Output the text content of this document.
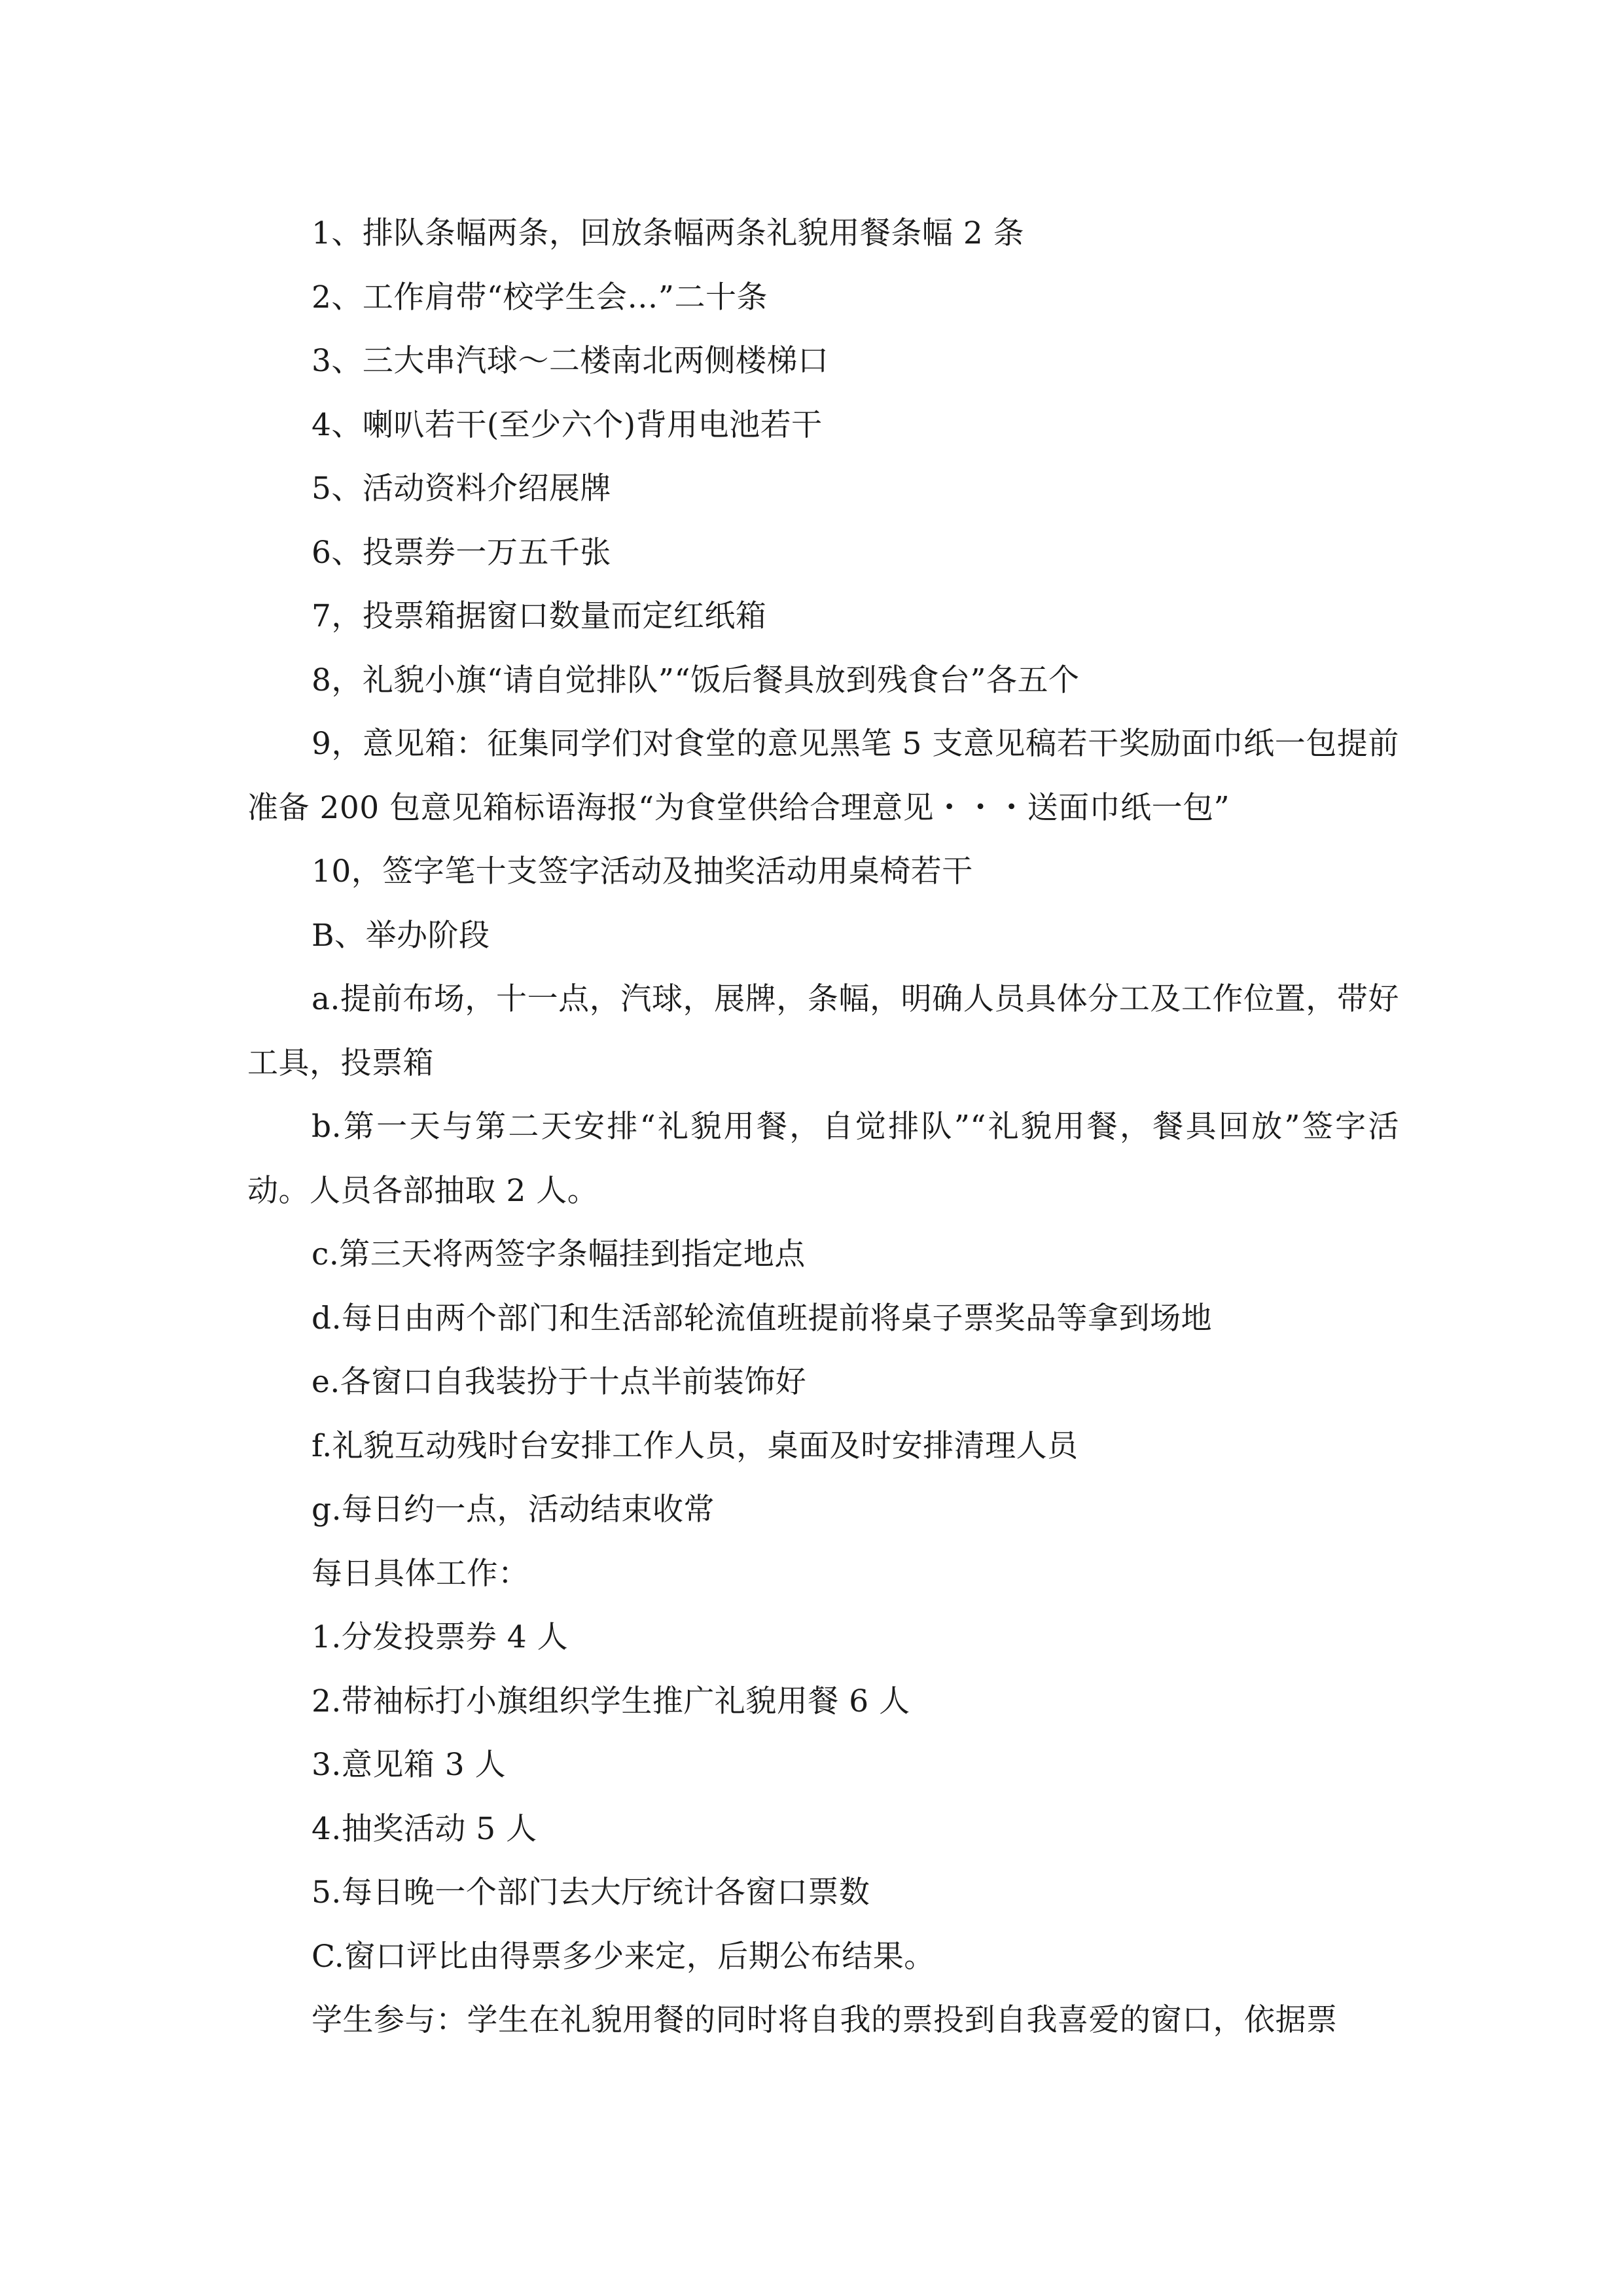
1、排队条幅两条，回放条幅两条礼貌用餐条幅 2 条

2、工作肩带“校学生会…”二十条

3、三大串汽球～二楼南北两侧楼梯口

4、喇叭若干(至少六个)背用电池若干

5、活动资料介绍展牌

6、投票券一万五千张

7，投票箱据窗口数量而定红纸箱

8，礼貌小旗“请自觉排队”“饭后餐具放到残食台”各五个

9，意见箱：征集同学们对食堂的意见黑笔 5 支意见稿若干奖励面巾纸一包提前准备 200 包意见箱标语海报“为食堂供给合理意见・・・送面巾纸一包”

10，签字笔十支签字活动及抽奖活动用桌椅若干

B、举办阶段

a.提前布场，十一点，汽球，展牌，条幅，明确人员具体分工及工作位置，带好工具，投票箱

b.第一天与第二天安排“礼貌用餐，自觉排队”“礼貌用餐，餐具回放”签字活动。人员各部抽取 2 人。

c.第三天将两签字条幅挂到指定地点

d.每日由两个部门和生活部轮流值班提前将桌子票奖品等拿到场地

e.各窗口自我装扮于十点半前装饰好

f.礼貌互动残时台安排工作人员，桌面及时安排清理人员

g.每日约一点，活动结束收常

每日具体工作：

1.分发投票券 4 人

2.带袖标打小旗组织学生推广礼貌用餐 6 人

3.意见箱 3 人

4.抽奖活动 5 人

5.每日晚一个部门去大厅统计各窗口票数

C.窗口评比由得票多少来定，后期公布结果。

学生参与：学生在礼貌用餐的同时将自我的票投到自我喜爱的窗口，依据票
